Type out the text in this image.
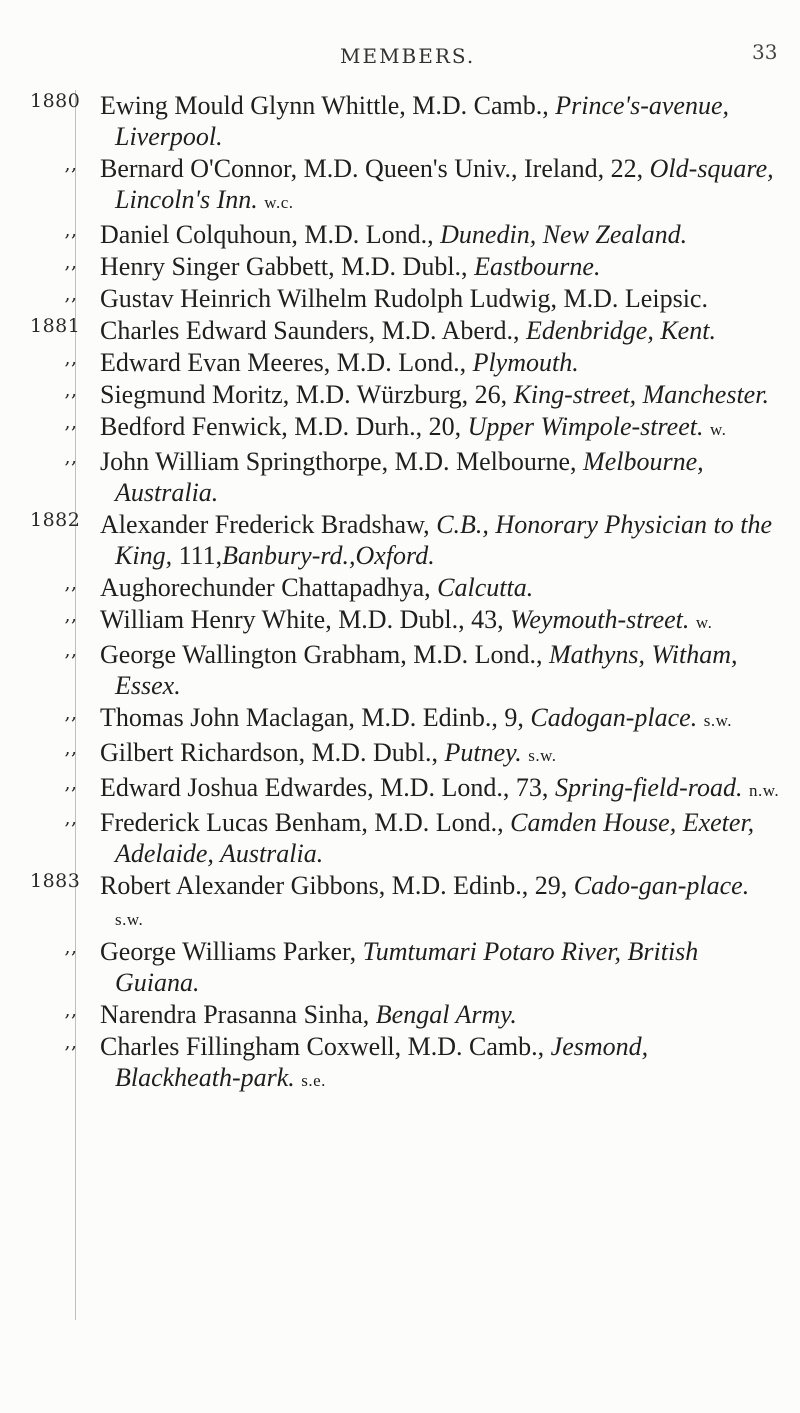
MEMBERS.	33
1880 Ewing Mould Glynn Whittle, M.D. Camb., Prince's-avenue, Liverpool.
,, Bernard O'Connor, M.D. Queen's Univ., Ireland, 22, Old-square, Lincoln's Inn. w.c.
,, Daniel Colquhoun, M.D. Lond., Dunedin, New Zealand.
,, Henry Singer Gabbett, M.D. Dubl., Eastbourne.
,, Gustav Heinrich Wilhelm Rudolph Ludwig, M.D. Leipsic.
1881 Charles Edward Saunders, M.D. Aberd., Edenbridge, Kent.
,, Edward Evan Meeres, M.D. Lond., Plymouth.
,, Siegmund Moritz, M.D. Würzburg, 26, King-street, Manchester.
,, Bedford Fenwick, M.D. Durh., 20, Upper Wimpole-street. w.
,, John William Springthorpe, M.D. Melbourne, Melbourne, Australia.
1882 Alexander Frederick Bradshaw, C.B., Honorary Physician to the King, 111,Banbury-rd.,Oxford.
,, Aughorechunder Chattapadhya, Calcutta.
,, William Henry White, M.D. Dubl., 43, Weymouth-street. w.
,, George Wallington Grabham, M.D. Lond., Mathyns, Witham, Essex.
,, Thomas John Maclagan, M.D. Edinb., 9, Cadogan-place. s.w.
,, Gilbert Richardson, M.D. Dubl., Putney. s.w.
,, Edward Joshua Edwardes, M.D. Lond., 73, Spring-field-road. n.w.
,, Frederick Lucas Benham, M.D. Lond., Camden House, Exeter, Adelaide, Australia.
1883 Robert Alexander Gibbons, M.D. Edinb., 29, Cado-gan-place. s.w.
,, George Williams Parker, Tumtumari Potaro River, British Guiana.
,, Narendra Prasanna Sinha, Bengal Army.
,, Charles Fillingham Coxwell, M.D. Camb., Jesmond, Blackheath-park. s.e.
